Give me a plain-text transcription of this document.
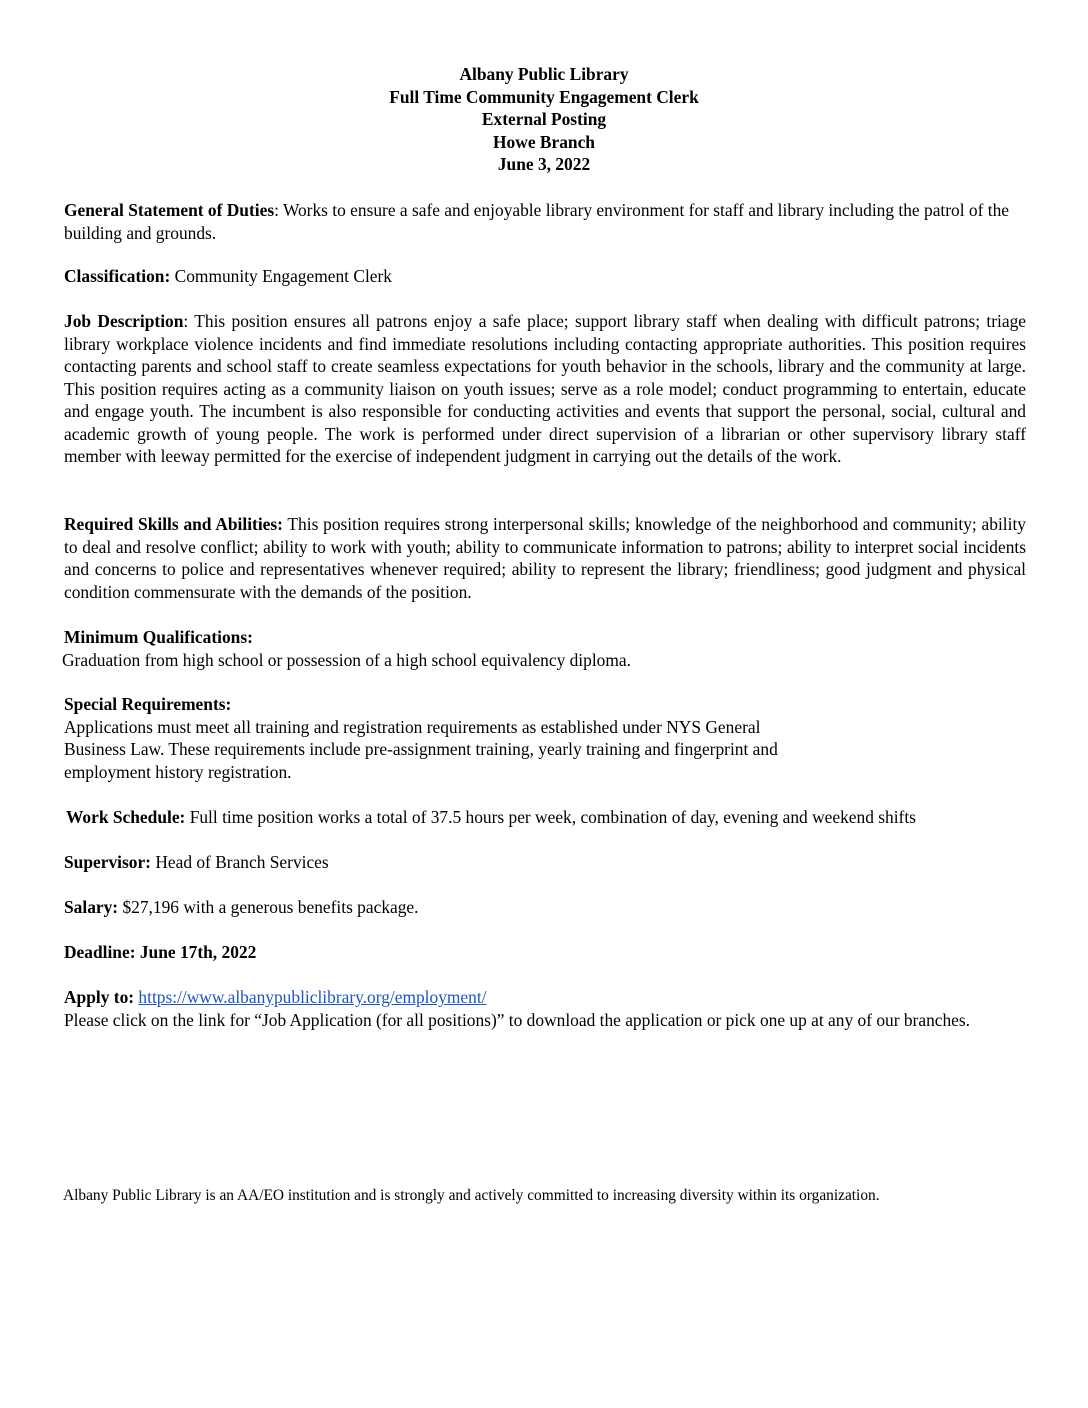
Albany Public Library
Full Time Community Engagement Clerk
External Posting
Howe Branch
June 3, 2022
General Statement of Duties: Works to ensure a safe and enjoyable library environment for staff and library including the patrol of the building and grounds.
Classification: Community Engagement Clerk
Job Description: This position ensures all patrons enjoy a safe place; support library staff when dealing with difficult patrons; triage library workplace violence incidents and find immediate resolutions including contacting appropriate authorities. This position requires contacting parents and school staff to create seamless expectations for youth behavior in the schools, library and the community at large. This position requires acting as a community liaison on youth issues; serve as a role model; conduct programming to entertain, educate and engage youth. The incumbent is also responsible for conducting activities and events that support the personal, social, cultural and academic growth of young people. The work is performed under direct supervision of a librarian or other supervisory library staff member with leeway permitted for the exercise of independent judgment in carrying out the details of the work.
Required Skills and Abilities: This position requires strong interpersonal skills; knowledge of the neighborhood and community; ability to deal and resolve conflict; ability to work with youth; ability to communicate information to patrons; ability to interpret social incidents and concerns to police and representatives whenever required; ability to represent the library; friendliness; good judgment and physical condition commensurate with the demands of the position.
Minimum Qualifications:
Graduation from high school or possession of a high school equivalency diploma.
Special Requirements:
Applications must meet all training and registration requirements as established under NYS General
Business Law. These requirements include pre-assignment training, yearly training and fingerprint and
employment history registration.
Work Schedule: Full time position works a total of 37.5 hours per week, combination of day, evening and weekend shifts
Supervisor: Head of Branch Services
Salary: $27,196 with a generous benefits package.
Deadline: June 17th, 2022
Apply to: https://www.albanypubliclibrary.org/employment/
Please click on the link for “Job Application (for all positions)” to download the application or pick one up at any of our branches.
Albany Public Library is an AA/EO institution and is strongly and actively committed to increasing diversity within its organization.
